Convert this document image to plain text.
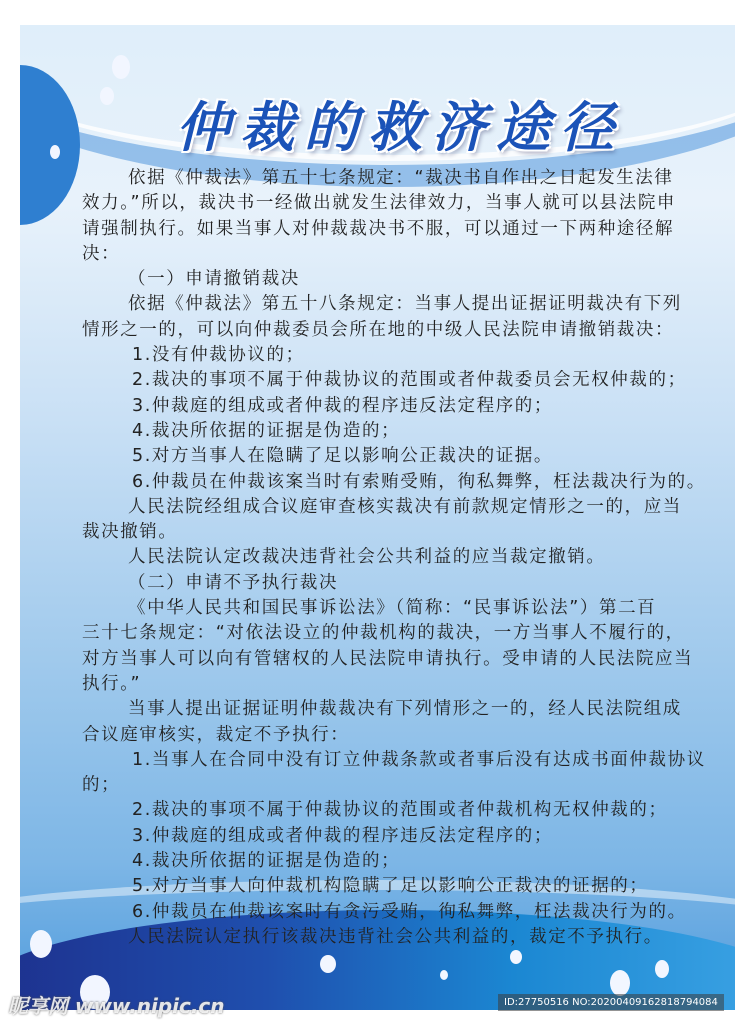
仲裁的救济途径
依据《仲裁法》第五十七条规定：“裁决书自作出之日起发生法律
效力。”所以，裁决书一经做出就发生法律效力，当事人就可以县法院申
请强制执行。如果当事人对仲裁裁决书不服，可以通过一下两种途径解
决：
（一）申请撤销裁决
依据《仲裁法》第五十八条规定：当事人提出证据证明裁决有下列
情形之一的，可以向仲裁委员会所在地的中级人民法院申请撤销裁决：
1.没有仲裁协议的；
2.裁决的事项不属于仲裁协议的范围或者仲裁委员会无权仲裁的；
3.仲裁庭的组成或者仲裁的程序违反法定程序的；
4.裁决所依据的证据是伪造的；
5.对方当事人在隐瞒了足以影响公正裁决的证据。
6.仲裁员在仲裁该案当时有索贿受贿，徇私舞弊，枉法裁决行为的。
人民法院经组成合议庭审查核实裁决有前款规定情形之一的，应当
裁决撤销。
人民法院认定改裁决违背社会公共利益的应当裁定撤销。
（二）申请不予执行裁决
《中华人民共和国民事诉讼法》（简称：“民事诉讼法”）第二百
三十七条规定：“对依法设立的仲裁机构的裁决，一方当事人不履行的，
对方当事人可以向有管辖权的人民法院申请执行。受申请的人民法院应当
执行。”
当事人提出证据证明仲裁裁决有下列情形之一的，经人民法院组成
合议庭审核实，裁定不予执行：
1.当事人在合同中没有订立仲裁条款或者事后没有达成书面仲裁协议
的；
2.裁决的事项不属于仲裁协议的范围或者仲裁机构无权仲裁的；
3.仲裁庭的组成或者仲裁的程序违反法定程序的；
4.裁决所依据的证据是伪造的；
5.对方当事人向仲裁机构隐瞒了足以影响公正裁决的证据的；
6.仲裁员在仲裁该案时有贪污受贿，徇私舞弊，枉法裁决行为的。
人民法院认定执行该裁决违背社会公共利益的，裁定不予执行。
昵享网 www.nipic.cn	ID:27750516 NO:20200409162818794084
